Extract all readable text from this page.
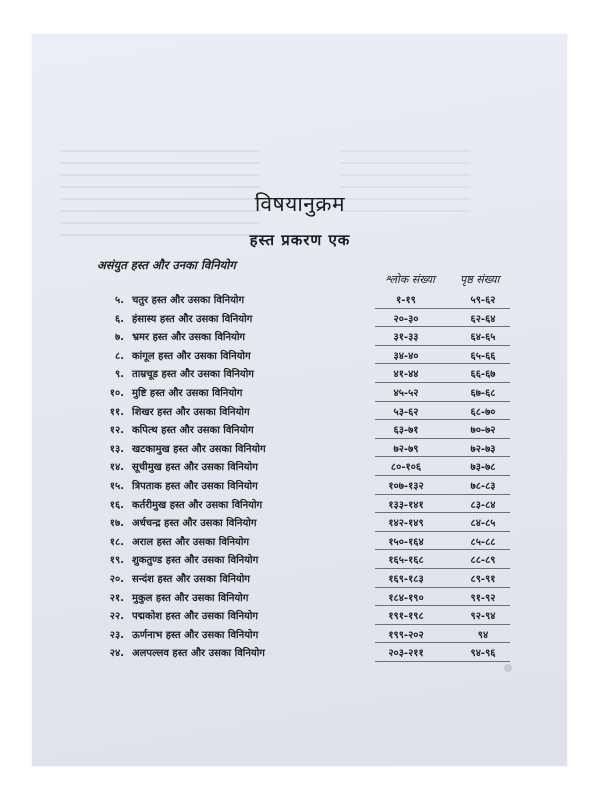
विषयानुक्रम
हस्त प्रकरण एक
असंयुत हस्त और उनका विनियोग
श्लोक संख्या पृष्ठ संख्या
५. चतुर हस्त और उसका विनियोग	१-१९	५९-६२
६. हंसास्य हस्त और उसका विनियोग	२०-३०	६२-६४
७. भ्रमर हस्त और उसका विनियोग	३१-३३	६४-६५
८. कांगूल हस्त और उसका विनियोग	३४-४०	६५-६६
९. ताम्रचूड हस्त और उसका विनियोग	४१-४४	६६-६७
१०. मुष्टि हस्त और उसका विनियोग	४५-५२	६७-६८
११. शिखर हस्त और उसका विनियोग	५३-६२	६८-७०
१२. कपित्थ हस्त और उसका विनियोग	६३-७१	७०-७२
१३. खटकामुख हस्त और उसका विनियोग	७२-७९	७२-७३
१४. सूचीमुख हस्त और उसका विनियोग	८०-१०६	७३-७८
१५. त्रिपताक हस्त और उसका विनियोग	१०७-१३२	७८-८३
१६. कर्तरीमुख हस्त और उसका विनियोग	१३३-१४१	८३-८४
१७. अर्धचन्द्र हस्त और उसका विनियोग	१४२-१४९	८४-८५
१८. अराल हस्त और उसका विनियोग	१५०-१६४	८५-८८
१९. शुकतुण्ड हस्त और उसका विनियोग	१६५-१६८	८८-८९
२०. सन्दंश हस्त और उसका विनियोग	१६९-१८३	८९-९१
२१. मुकुल हस्त और उसका विनियोग	१८४-१९०	९१-९२
२२. पद्मकोश हस्त और उसका विनियोग	१९१-१९८	९२-९४
२३. ऊर्णनाभ हस्त और उसका विनियोग	१९९-२०२	९४
२४. अलपल्लव हस्त और उसका विनियोग	२०३-२११	९४-९६
